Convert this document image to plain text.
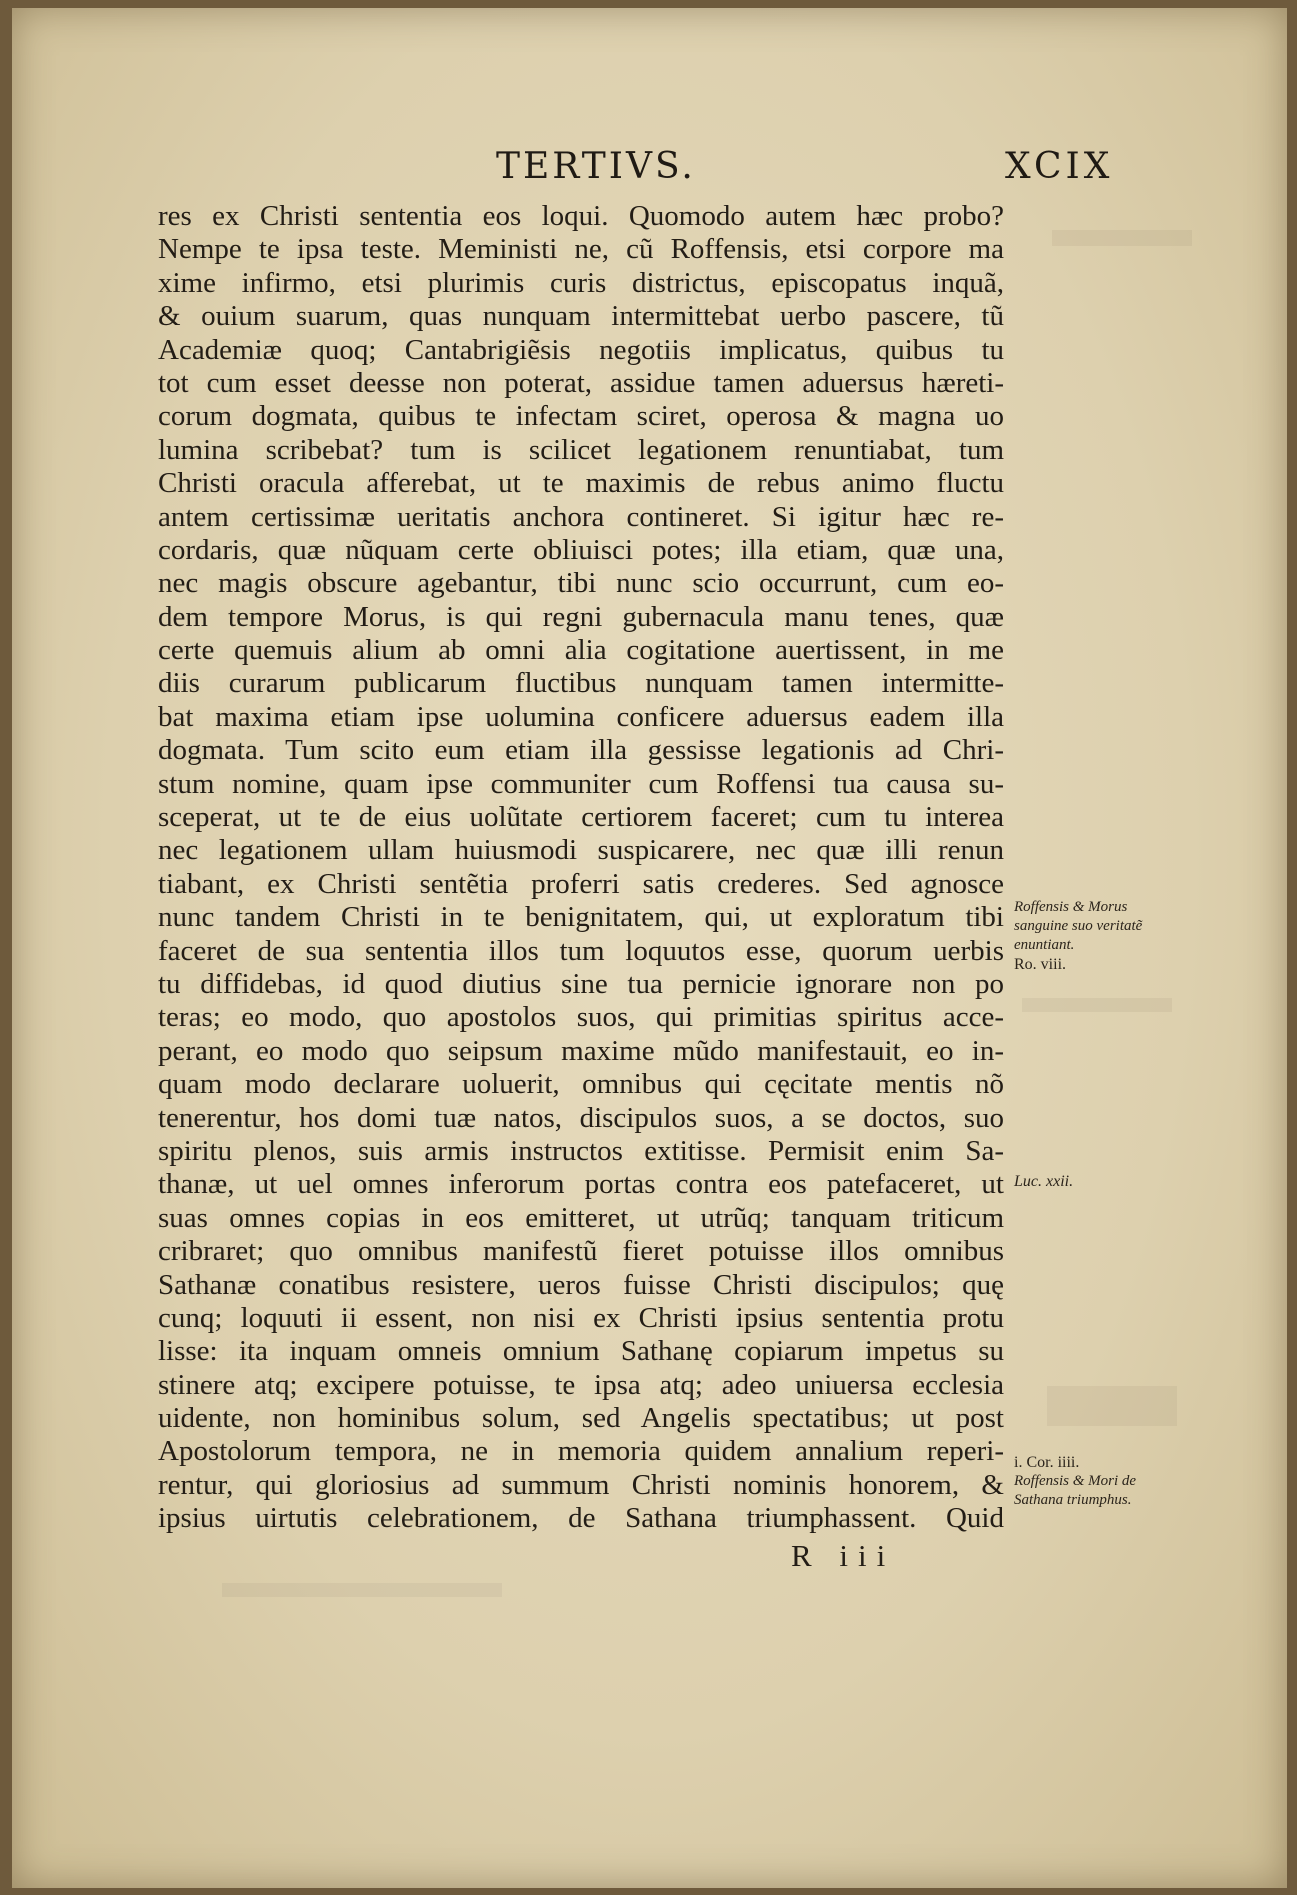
TERTIVS.	XCIX
res ex Christi sententia eos loqui. Quomodo autem hæc probo?
Nempe te ipsa teste. Meministi ne, cũ Roffensis, etsi corpore ma
xime infirmo, etsi plurimis curis districtus, episcopatus inquã,
& ouium suarum, quas nunquam intermittebat uerbo pascere, tũ
Academiæ quoq; Cantabrigiẽsis negotiis implicatus, quibus tu
tot cum esset deesse non poterat, assidue tamen aduersus hæreti-
corum dogmata, quibus te infectam sciret, operosa & magna uo
lumina scribebat? tum is scilicet legationem renuntiabat, tum
Christi oracula afferebat, ut te maximis de rebus animo fluctu
antem certissimæ ueritatis anchora contineret. Si igitur hæc re-
cordaris, quæ nũquam certe obliuisci potes; illa etiam, quæ una,
nec magis obscure agebantur, tibi nunc scio occurrunt, cum eo-
dem tempore Morus, is qui regni gubernacula manu tenes, quæ
certe quemuis alium ab omni alia cogitatione auertissent, in me
diis curarum publicarum fluctibus nunquam tamen intermitte-
bat maxima etiam ipse uolumina conficere aduersus eadem illa
dogmata. Tum scito eum etiam illa gessisse legationis ad Chri-
stum nomine, quam ipse communiter cum Roffensi tua causa su-
sceperat, ut te de eius uolũtate certiorem faceret; cum tu interea
nec legationem ullam huiusmodi suspicarere, nec quæ illi renun
tiabant, ex Christi sentẽtia proferri satis crederes. Sed agnosce
nunc tandem Christi in te benignitatem, qui, ut exploratum tibi
faceret de sua sententia illos tum loquutos esse, quorum uerbis
tu diffidebas, id quod diutius sine tua pernicie ignorare non po
teras; eo modo, quo apostolos suos, qui primitias spiritus acce-
perant, eo modo quo seipsum maxime mũdo manifestauit, eo in-
quam modo declarare uoluerit, omnibus qui cęcitate mentis nõ
tenerentur, hos domi tuæ natos, discipulos suos, a se doctos, suo
spiritu plenos, suis armis instructos extitisse. Permisit enim Sa-
thanæ, ut uel omnes inferorum portas contra eos patefaceret, ut
suas omnes copias in eos emitteret, ut utrũq; tanquam triticum
cribraret; quo omnibus manifestũ fieret potuisse illos omnibus
Sathanæ conatibus resistere, ueros fuisse Christi discipulos; quę
cunq; loquuti ii essent, non nisi ex Christi ipsius sententia protu
lisse: ita inquam omneis omnium Sathanę copiarum impetus su
stinere atq; excipere potuisse, te ipsa atq; adeo uniuersa ecclesia
uidente, non hominibus solum, sed Angelis spectatibus; ut post
Apostolorum tempora, ne in memoria quidem annalium reperi-
rentur, qui gloriosius ad summum Christi nominis honorem, &
ipsius uirtutis celebrationem, de Sathana triumphassent. Quid
R iii
Roffensis & Morus
sanguine suo veritatẽ
enuntiant.
Ro. viii.
Luc. xxii.
i. Cor. iiii.
Roffensis & Mori de
Sathana triumphus.
